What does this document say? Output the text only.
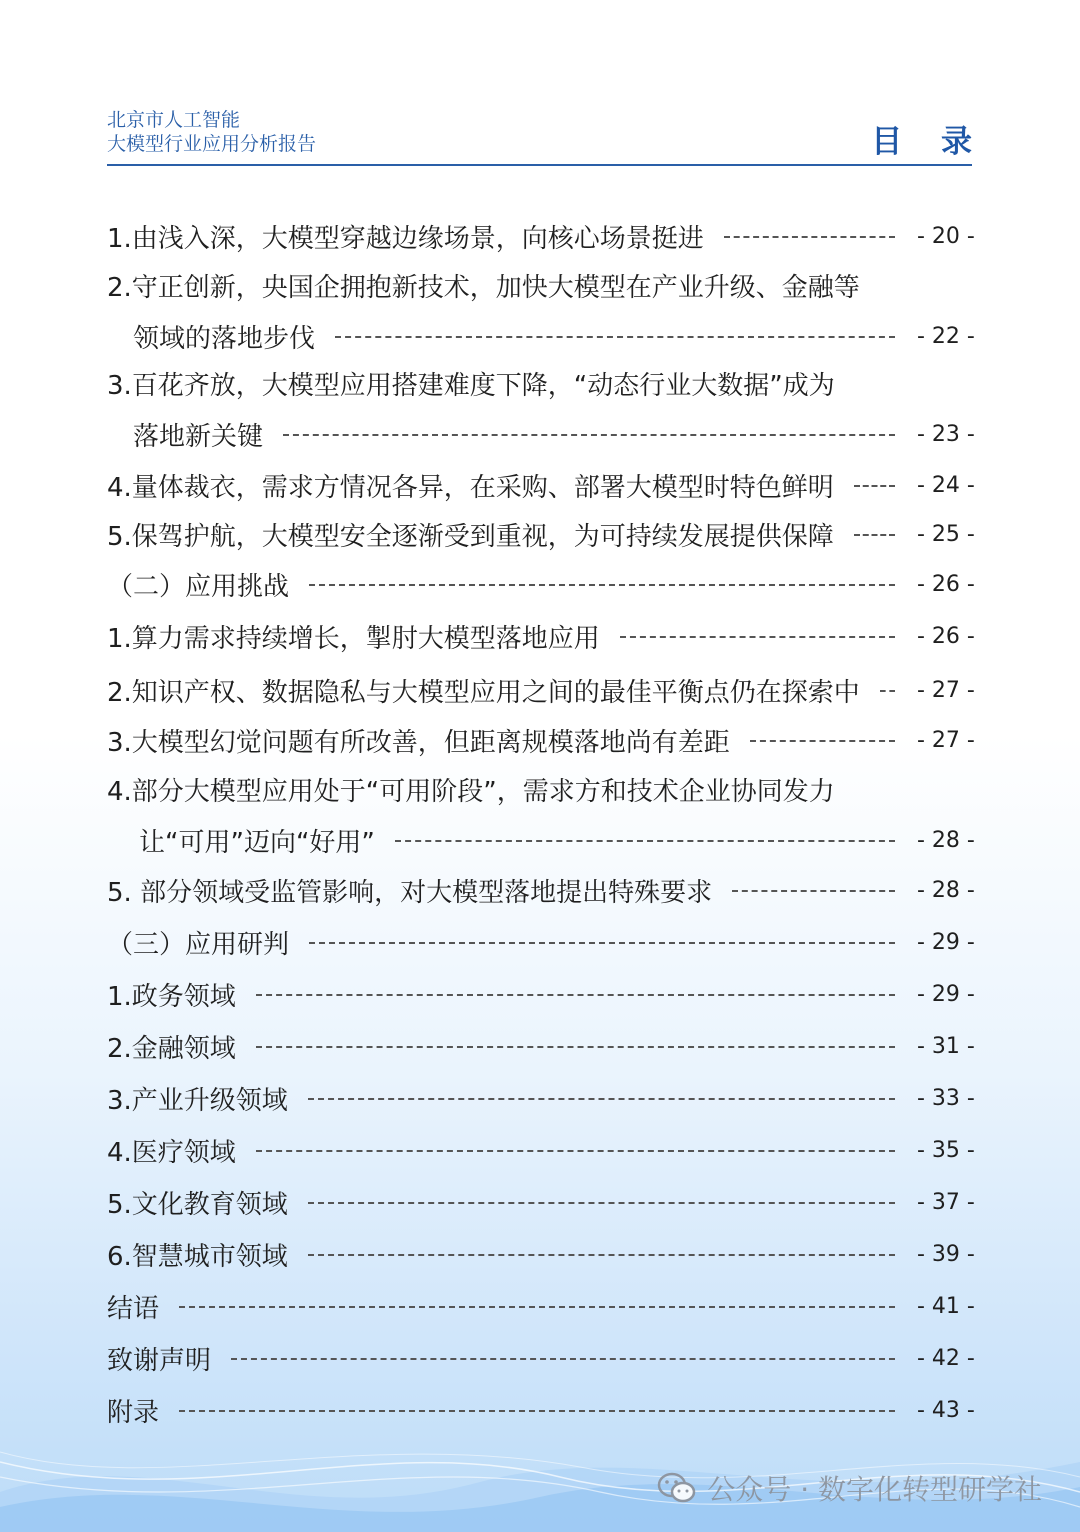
北京市人工智能
大模型行业应用分析报告	目 录
1.由浅入深，大模型穿越边缘场景，向核心场景挺进	- 20 -
2.守正创新，央国企拥抱新技术，加快大模型在产业升级、金融等
领域的落地步伐	- 22 -
3.百花齐放，大模型应用搭建难度下降，“动态行业大数据”成为
落地新关键	- 23 -
4.量体裁衣，需求方情况各异，在采购、部署大模型时特色鲜明	- 24 -
5.保驾护航，大模型安全逐渐受到重视，为可持续发展提供保障	- 25 -
（二）应用挑战	- 26 -
1.算力需求持续增长，掣肘大模型落地应用	- 26 -
2.知识产权、数据隐私与大模型应用之间的最佳平衡点仍在探索中	- 27 -
3.大模型幻觉问题有所改善，但距离规模落地尚有差距	- 27 -
4.部分大模型应用处于“可用阶段”，需求方和技术企业协同发力
让“可用”迈向“好用”	- 28 -
5. 部分领域受监管影响，对大模型落地提出特殊要求	- 28 -
（三）应用研判	- 29 -
1.政务领域	- 29 -
2.金融领域	- 31 -
3.产业升级领域	- 33 -
4.医疗领域	- 35 -
5.文化教育领域	- 37 -
6.智慧城市领域	- 39 -
结语	- 41 -
致谢声明	- 42 -
附录	- 43 -
公众号 · 数字化转型研学社
